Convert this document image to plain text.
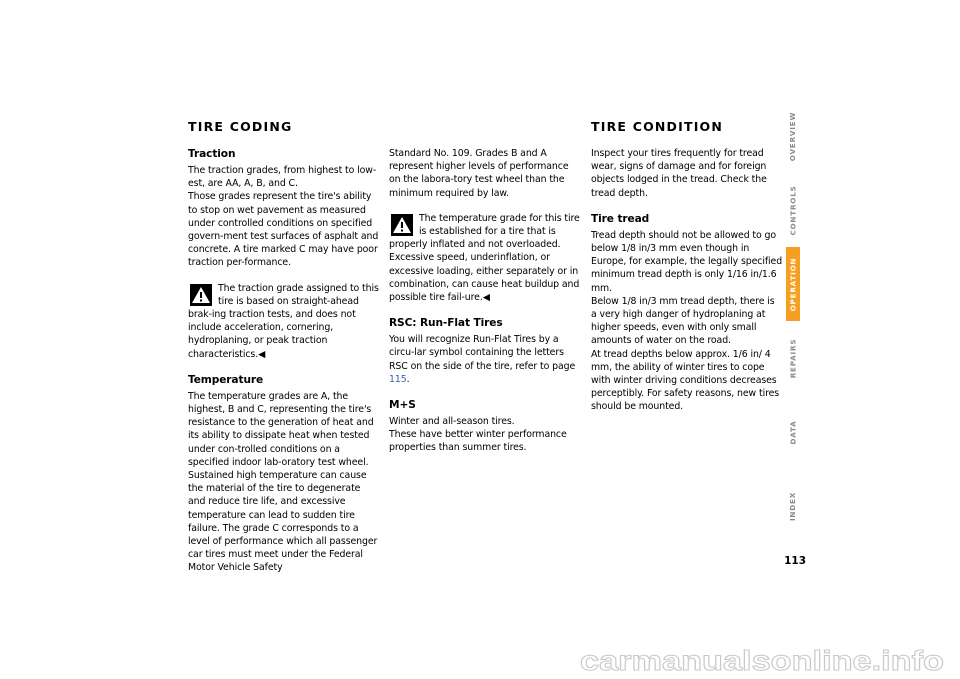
TIRE CODING	TIRE CONDITION
Traction

The traction grades, from highest to low-est, are AA, A, B, and C.

Those grades represent the tire's ability to stop on wet pavement as measured under controlled conditions on specified govern-ment test surfaces of asphalt and concrete. A tire marked C may have poor traction per-formance.

The traction grade assigned to this tire is based on straight-ahead brak-ing traction tests, and does not include acceleration, cornering, hydroplaning, or peak traction characteristics.◀
Temperature

The temperature grades are A, the highest, B and C, representing the tire's resistance to the generation of heat and its ability to dissipate heat when tested under con-trolled conditions on a specified indoor lab-oratory test wheel.

Sustained high temperature can cause the material of the tire to degenerate and reduce tire life, and excessive temperature can lead to sudden tire failure. The grade C corresponds to a level of performance which all passenger car tires must meet under the Federal Motor Vehicle Safety

Standard No. 109. Grades B and A represent higher levels of performance on the labora-tory test wheel than the minimum required by law.

The temperature grade for this tire is established for a tire that is properly inflated and not overloaded. Excessive speed, underinflation, or excessive loading, either separately or in combination, can cause heat buildup and possible tire fail-ure.◀
RSC: Run-Flat Tires

You will recognize Run-Flat Tires by a circu-lar symbol containing the letters RSC on the side of the tire, refer to page 115.

M+S

Winter and all-season tires.

These have better winter performance properties than summer tires.

Inspect your tires frequently for tread wear, signs of damage and for foreign objects lodged in the tread. Check the tread depth.

Tire tread

Tread depth should not be allowed to go below 1/8 in/3 mm even though in Europe, for example, the legally specified minimum tread depth is only 1/16 in/1.6 mm.

Below 1/8 in/3 mm tread depth, there is a very high danger of hydroplaning at higher speeds, even with only small amounts of water on the road.

At tread depths below approx. 1/6 in/ 4 mm, the ability of winter tires to cope with winter driving conditions decreases perceptibly. For safety reasons, new tires should be mounted.

OVERVIEW
CONTROLS
OPERATION
REPAIRS
DATA
INDEX
113
carmanualsonline.info
